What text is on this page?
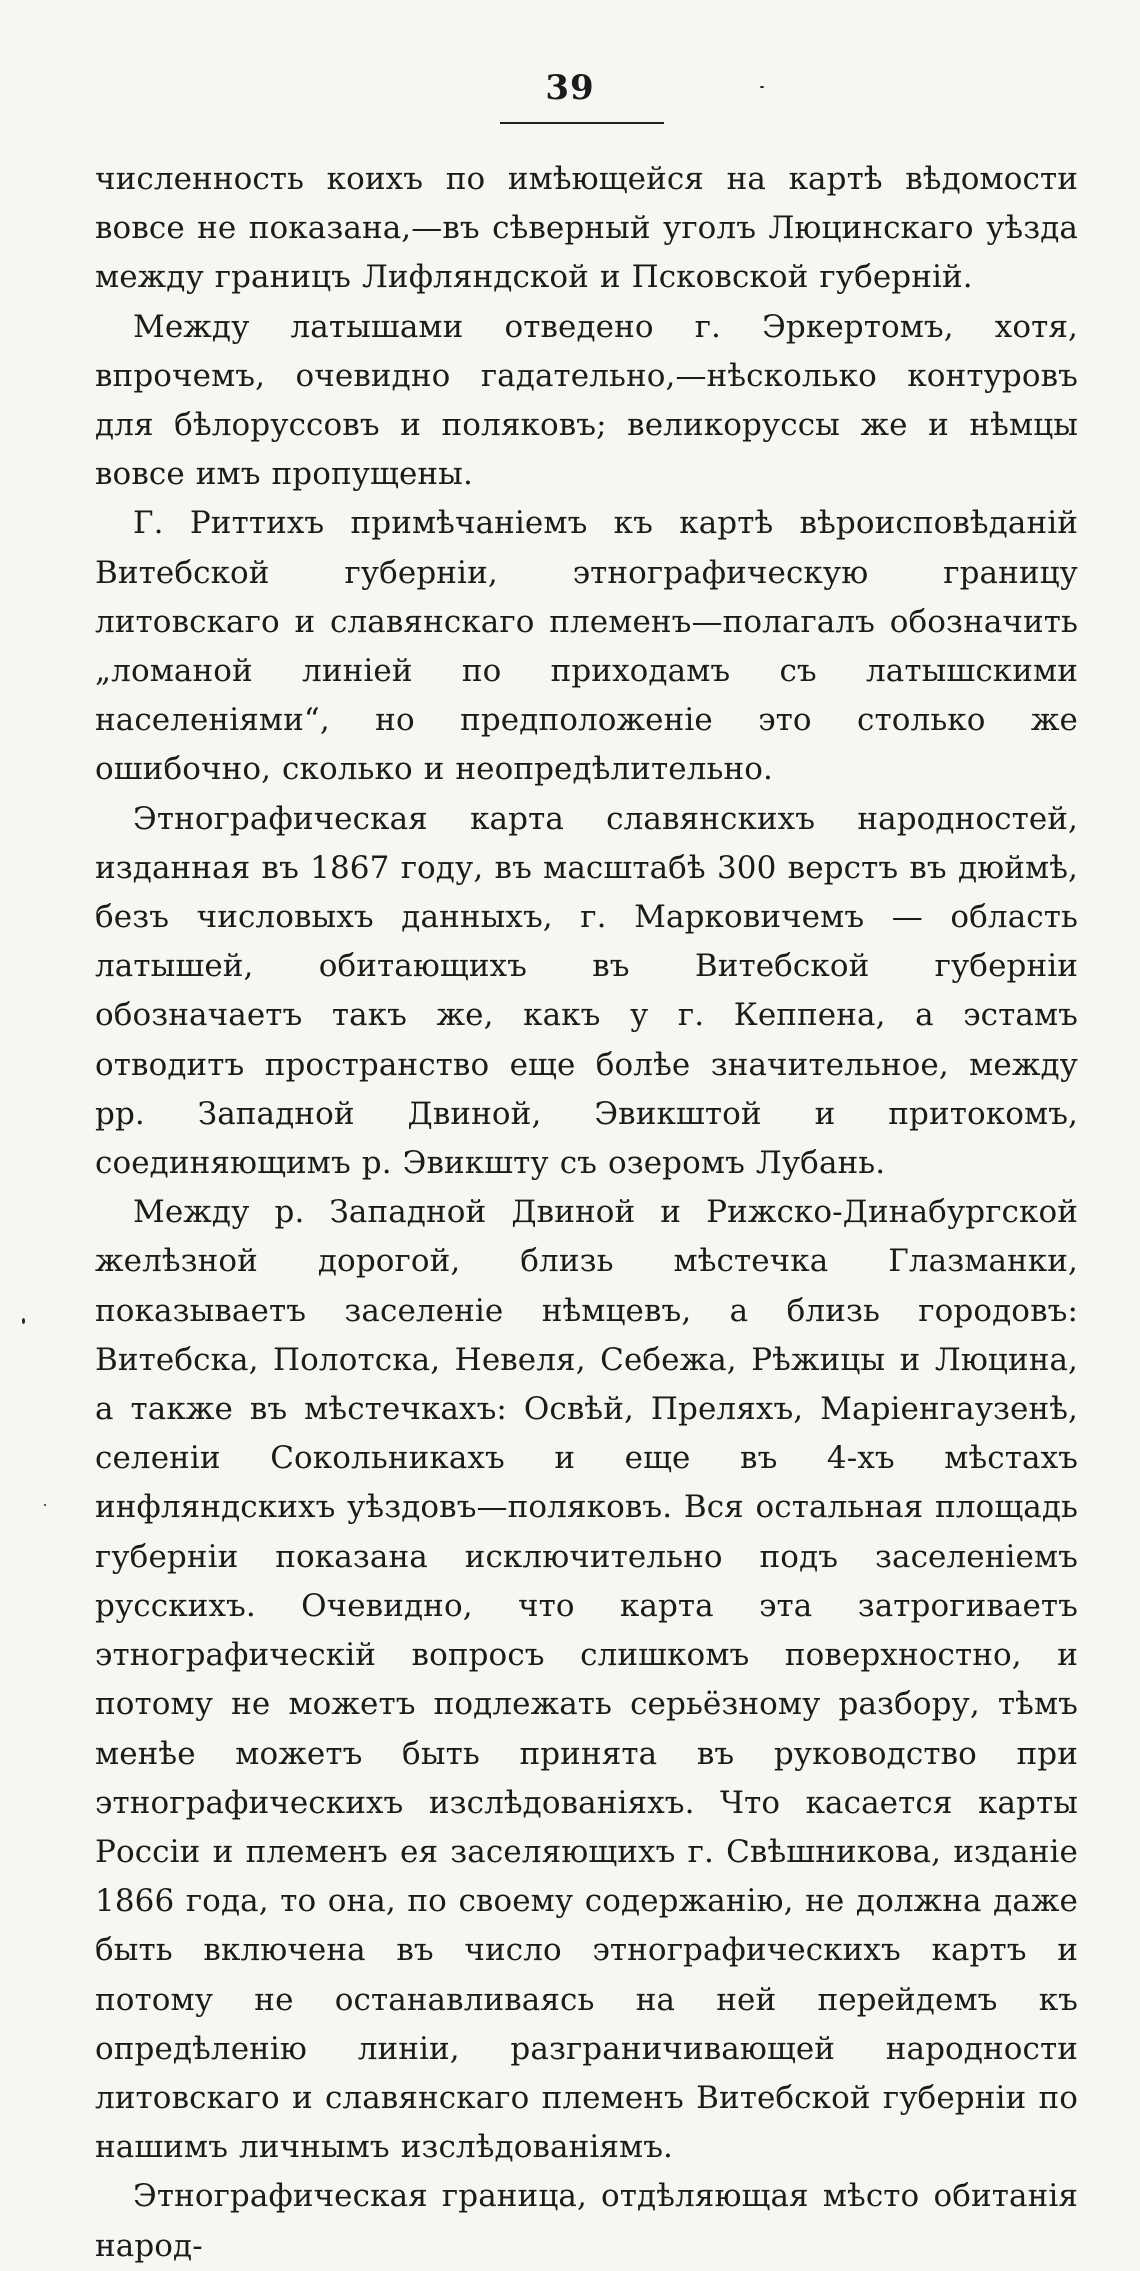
39

численность коихъ по имѣющейся на картѣ вѣдомости вовсе не показана,—въ сѣверный уголъ Люцинскаго уѣзда между границъ Лифляндской и Псковской губерній.

Между латышами отведено г. Эркертомъ, хотя, впрочемъ, очевидно гадательно,—нѣсколько контуровъ для бѣлоруссовъ и поляковъ; великоруссы же и нѣмцы вовсе имъ пропущены.

Г. Риттихъ примѣчаніемъ къ картѣ вѣроисповѣданій Витебской губерніи, этнографическую границу литовскаго и славянскаго племенъ—полагалъ обозначить „ломаной линіей по приходамъ съ латышскими населеніями“, но предположеніе это столько же ошибочно, сколько и неопредѣлительно.

Этнографическая карта славянскихъ народностей, изданная въ 1867 году, въ масштабѣ 300 верстъ въ дюймѣ, безъ числовыхъ данныхъ, г. Марковичемъ — область латышей, обитающихъ въ Витебской губерніи обозначаетъ такъ же, какъ у г. Кеппена, а эстамъ отводитъ пространство еще болѣе значительное, между рр. Западной Двиной, Эвикштой и притокомъ, соединяющимъ р. Эвикшту съ озеромъ Лубань.

Между р. Западной Двиной и Рижско-Динабургской желѣзной дорогой, близь мѣстечка Глазманки, показываетъ заселеніе нѣмцевъ, а близь городовъ: Витебска, Полотска, Невеля, Себежа, Рѣжицы и Люцина, а также въ мѣстечкахъ: Освѣй, Преляхъ, Маріенгаузенѣ, селеніи Сокольникахъ и еще въ 4-хъ мѣстахъ инфляндскихъ уѣздовъ—поляковъ. Вся остальная площадь губерніи показана исключительно подъ заселеніемъ русскихъ. Очевидно, что карта эта затрогиваетъ этнографическій вопросъ слишкомъ поверхностно, и потому не можетъ подлежать серьёзному разбору, тѣмъ менѣе можетъ быть принята въ руководство при этнографическихъ изслѣдованіяхъ. Что касается карты Россіи и племенъ ея заселяющихъ г. Свѣшникова, изданіе 1866 года, то она, по своему содержанію, не должна даже быть включена въ число этнографическихъ картъ и потому не останавливаясь на ней перейдемъ къ опредѣленію линіи, разграничивающей народности литовскаго и славянскаго племенъ Витебской губерніи по нашимъ личнымъ изслѣдованіямъ.

Этнографическая граница, отдѣляющая мѣсто обитанія народ-
